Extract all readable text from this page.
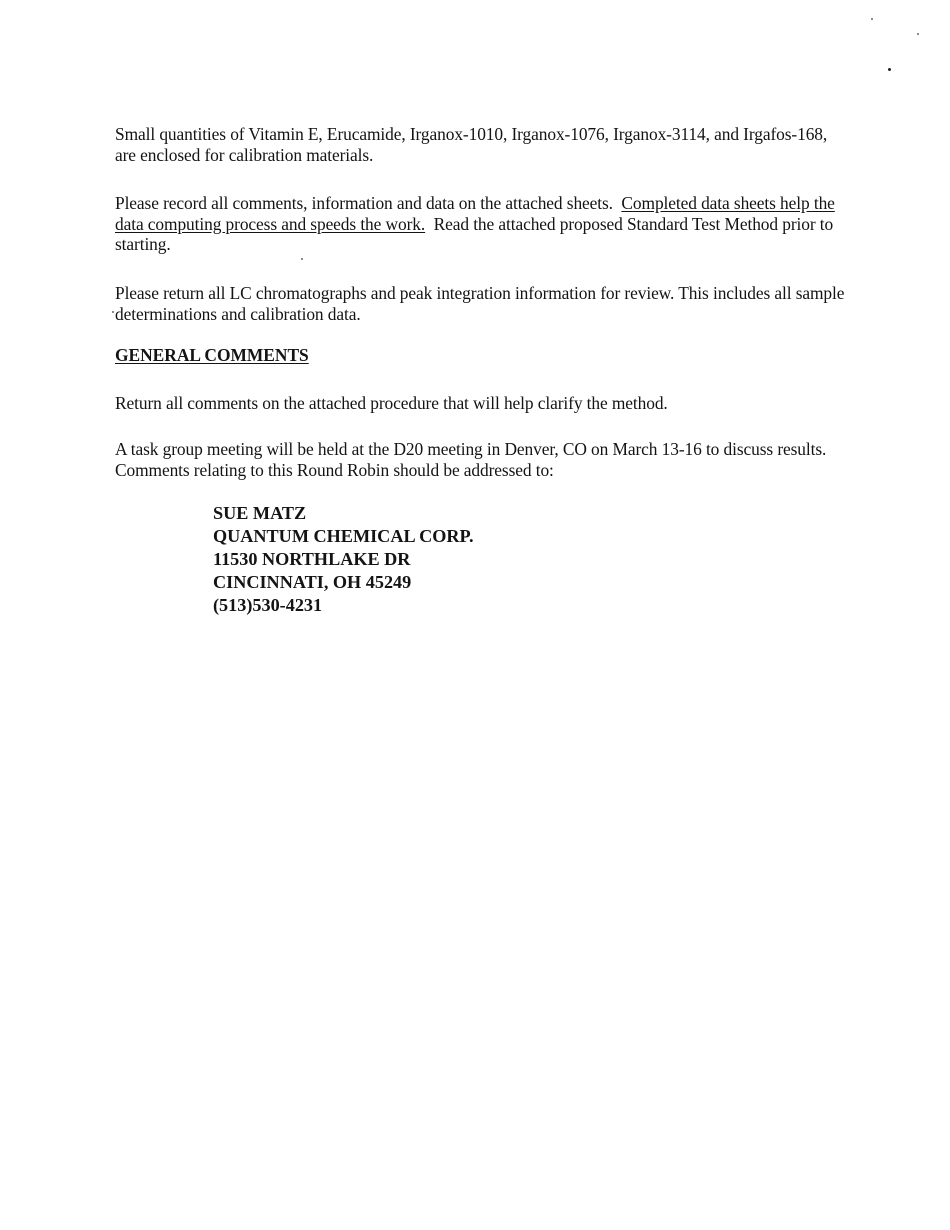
Small quantities of Vitamin E, Erucamide, Irganox-1010, Irganox-1076, Irganox-3114, and Irgafos-168, are enclosed for calibration materials.

Please record all comments, information and data on the attached sheets. Completed data sheets help the data computing process and speeds the work. Read the attached proposed Standard Test Method prior to starting.

Please return all LC chromatographs and peak integration information for review. This includes all sample determinations and calibration data.

GENERAL COMMENTS

Return all comments on the attached procedure that will help clarify the method.

A task group meeting will be held at the D20 meeting in Denver, CO on March 13-16 to discuss results. Comments relating to this Round Robin should be addressed to:

SUE MATZ
QUANTUM CHEMICAL CORP.
11530 NORTHLAKE DR
CINCINNATI, OH 45249
(513)530-4231
